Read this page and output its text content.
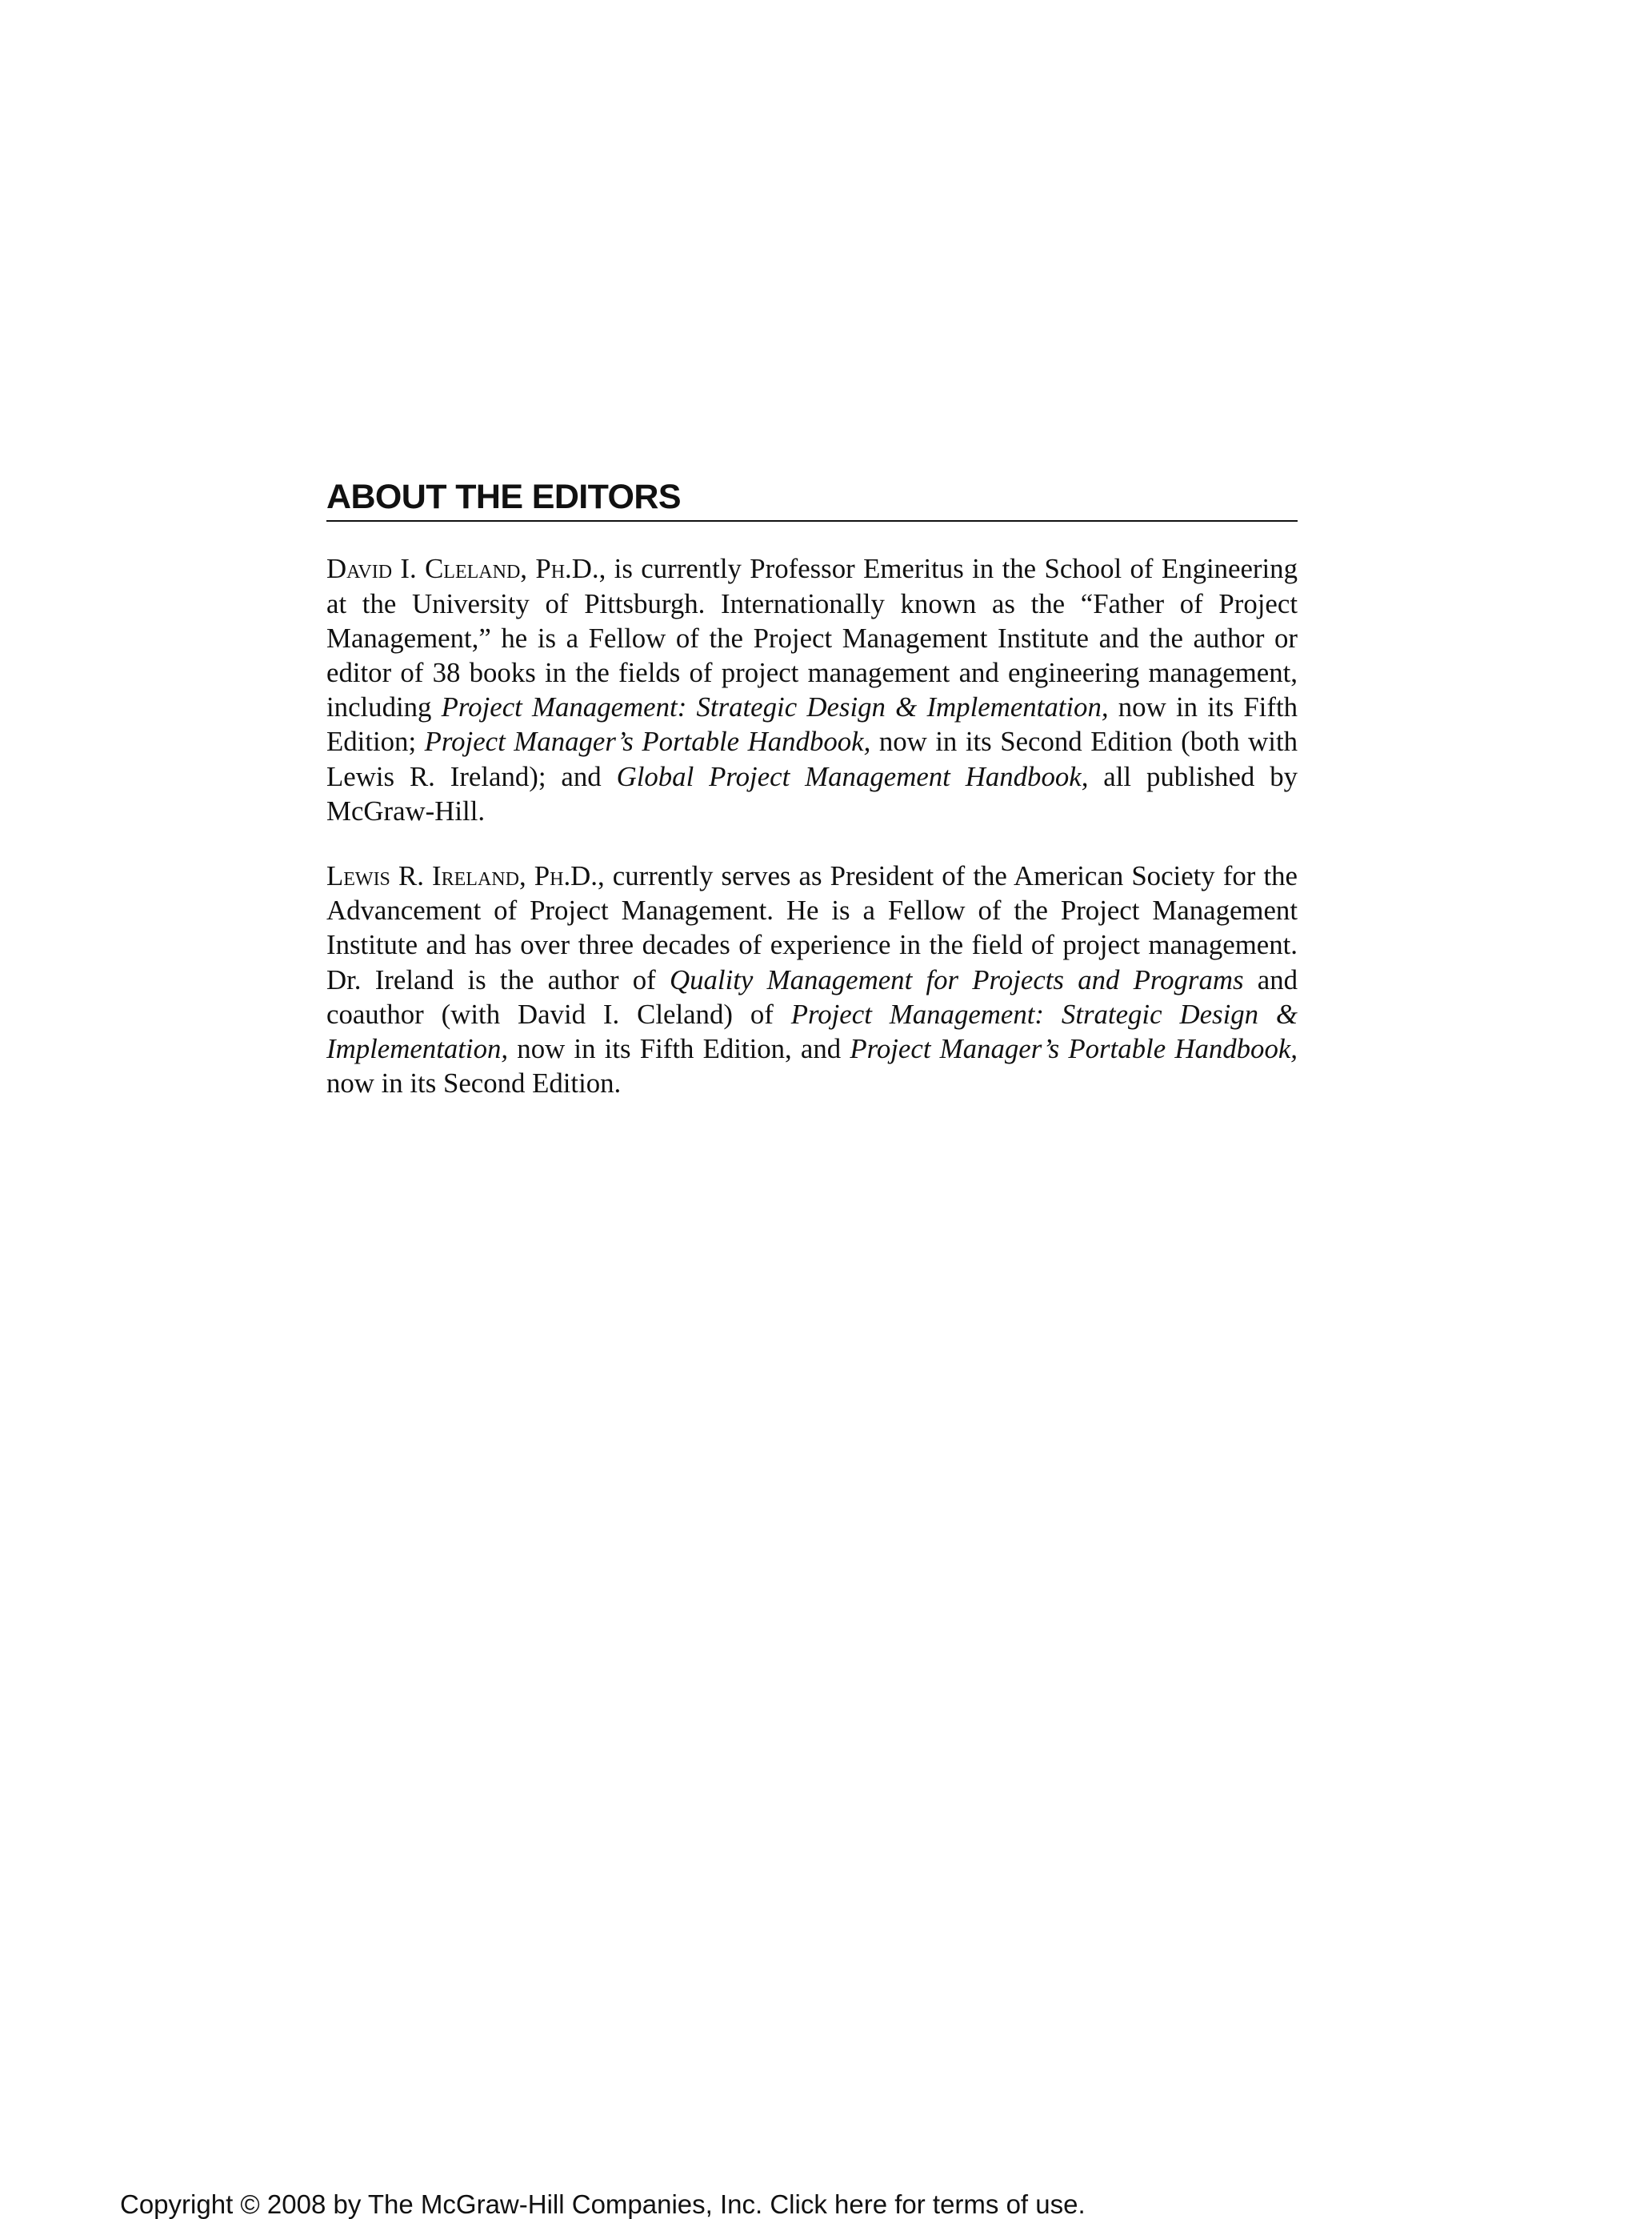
ABOUT THE EDITORS

David I. Cleland, Ph.D., is currently Professor Emeritus in the School of Engineering at the University of Pittsburgh. Internationally known as the “Father of Project Management,” he is a Fellow of the Project Management Institute and the author or editor of 38 books in the fields of project management and engineering management, including Project Management: Strategic Design & Implementation, now in its Fifth Edition; Project Manager’s Portable Handbook, now in its Second Edition (both with Lewis R. Ireland); and Global Project Management Handbook, all published by McGraw-Hill.

Lewis R. Ireland, Ph.D., currently serves as President of the American Society for the Advancement of Project Management. He is a Fellow of the Project Management Institute and has over three decades of experience in the field of project management. Dr. Ireland is the author of Quality Management for Projects and Programs and coauthor (with David I. Cleland) of Project Management: Strategic Design & Implementation, now in its Fifth Edition, and Project Manager’s Portable Handbook, now in its Second Edition.

Copyright © 2008 by The McGraw-Hill Companies, Inc. Click here for terms of use.
